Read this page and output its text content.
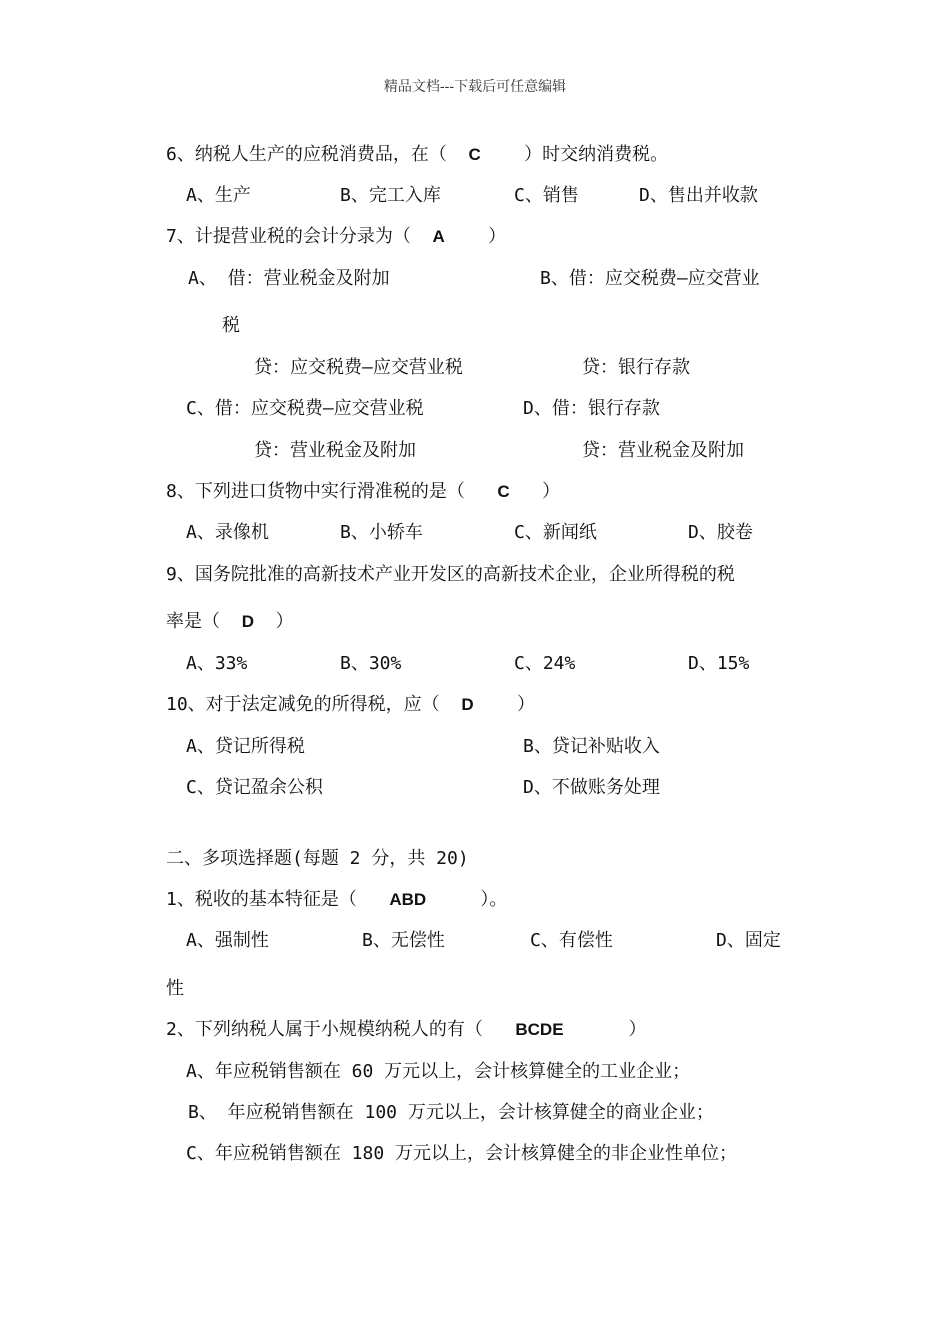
精品文档---下载后可任意编辑
6、纳税人生产的应税消费品，在（  C    ）时交纳消费税。
A、生产	B、完工入库	C、销售	D、售出并收款
7、计提营业税的会计分录为（  A    ）
A、 借：营业税金及附加	B、借：应交税费—应交营业
税
贷：应交税费—应交营业税	贷：银行存款
C、借：应交税费—应交营业税	D、借：银行存款
贷：营业税金及附加	贷：营业税金及附加
8、下列进口货物中实行滑准税的是（   C   ）
A、录像机	B、小轿车	C、新闻纸	D、胶卷
9、国务院批准的高新技术产业开发区的高新技术企业，企业所得税的税
率是（  D  ）
A、33%	B、30%	C、24%	D、15%
10、对于法定减免的所得税，应（  D    ）
A、贷记所得税	B、贷记补贴收入
C、贷记盈余公积	D、不做账务处理
二、多项选择题(每题 2 分，共 20)
1、税收的基本特征是（   ABD     ）。
A、强制性	B、无偿性	C、有偿性	D、固定
性
2、下列纳税人属于小规模纳税人的有（   BCDE      ）
A、年应税销售额在 60 万元以上，会计核算健全的工业企业；
B、 年应税销售额在 100 万元以上，会计核算健全的商业企业；
C、年应税销售额在 180 万元以上，会计核算健全的非企业性单位；
